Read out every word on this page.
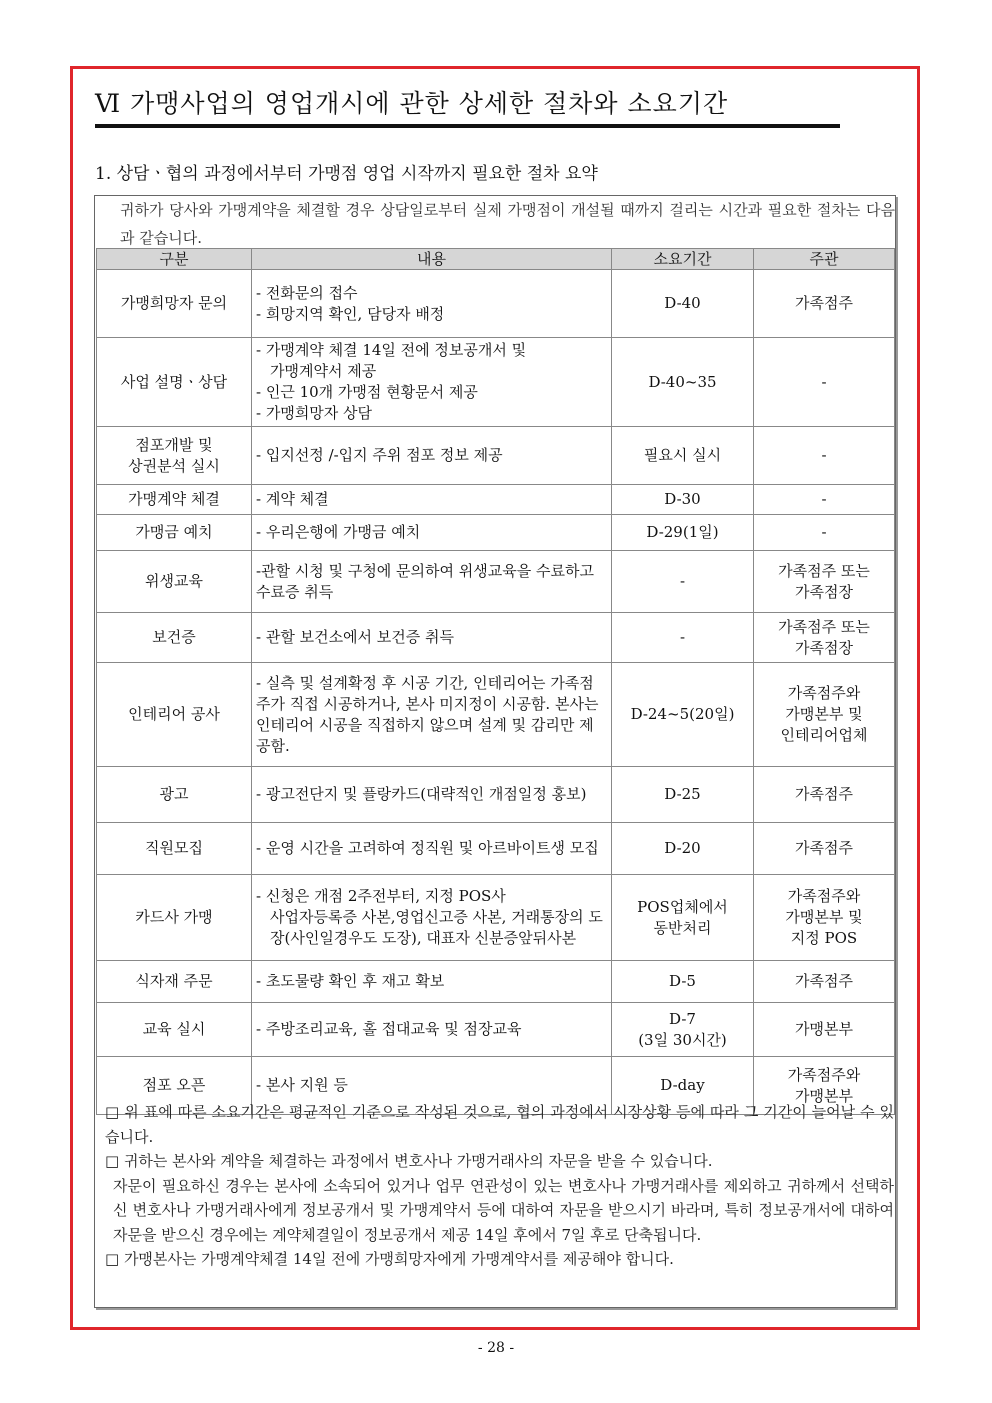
Ⅵ 가맹사업의 영업개시에 관한 상세한 절차와 소요기간
1. 상담ㆍ협의 과정에서부터 가맹점 영업 시작까지 필요한 절차 요약

귀하가 당사와 가맹계약을 체결할 경우 상담일로부터 실제 가맹점이 개설될 때까지 걸리는 시간과 필요한 절차는 다음과 같습니다.

구분	내용	소요기간	주관

가맹희망자 문의	- 전화문의 접수
- 희망지역 확인, 담당자 배정	D-40	가족점주

사업 설명ㆍ상담	- 가맹계약 체결 14일 전에 정보공개서 및
가맹계약서 제공
- 인근 10개 가맹점 현황문서 제공
- 가맹희망자 상담	D-40~35	-

점포개발 및
상권분석 실시	- 입지선정 /-입지 주위 점포 정보 제공	필요시 실시	-

가맹계약 체결	- 계약 체결	D-30	-

가맹금 예치	- 우리은행에 가맹금 예치	D-29(1일)	-

위생교육	-관할 시청 및 구청에 문의하여 위생교육을 수료하고 수료증 취득	-	가족점주 또는
가족점장

보건증	- 관할 보건소에서 보건증 취득	-	가족점주 또는
가족점장

인테리어 공사	- 실측 및 설계확정 후 시공 기간, 인테리어는 가족점주가 직접 시공하거나, 본사 미지정이 시공함. 본사는 인테리어 시공을 직접하지 않으며 설계 및 감리만 제공함.	D-24~5(20일)	가족점주와
가맹본부 및
인테리어업체

광고	- 광고전단지 및 플랑카드(대략적인 개점일정 홍보)	D-25	가족점주

직원모집	- 운영 시간을 고려하여 정직원 및 아르바이트생 모집	D-20	가족점주

카드사 가맹	- 신청은 개점 2주전부터, 지정 POS사
사업자등록증 사본,영업신고증 사본, 거래통장의 도장(사인일경우도 도장), 대표자 신분증앞뒤사본	POS업체에서
동반처리	가족점주와
가맹본부 및
지정 POS

식자재 주문	- 초도물량 확인 후 재고 확보	D-5	가족점주

교육 실시	- 주방조리교육, 홀 접대교육 및 점장교육	D-7
(3일 30시간)	가맹본부

점포 오픈	- 본사 지원 등	D-day	가족점주와
가맹본부

□ 위 표에 따른 소요기간은 평균적인 기준으로 작성된 것으로, 협의 과정에서 시장상황 등에 따라 그 기간이 늘어날 수 있습니다.

□ 귀하는 본사와 계약을 체결하는 과정에서 변호사나 가맹거래사의 자문을 받을 수 있습니다.

자문이 필요하신 경우는 본사에 소속되어 있거나 업무 연관성이 있는 변호사나 가맹거래사를 제외하고 귀하께서 선택하신 변호사나 가맹거래사에게 정보공개서 및 가맹계약서 등에 대하여 자문을 받으시기 바라며, 특히 정보공개서에 대하여 자문을 받으신 경우에는 계약체결일이 정보공개서 제공 14일 후에서 7일 후로 단축됩니다.

□ 가맹본사는 가맹계약체결 14일 전에 가맹희망자에게 가맹계약서를 제공해야 합니다.

- 28 -
